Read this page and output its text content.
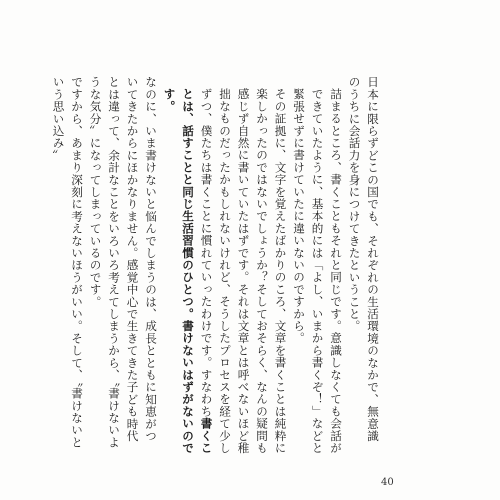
日本に限らずどこの国でも、それぞれの生活環境のなかで、無意識のうちに会話力を身につけてきたということ。

詰まるところ、書くこともそれと同じです。意識しなくても会話ができていたように、基本的には「よし、いまから書くぞ！」などと緊張せずに書けていたに違いないのですから。

その証拠に、文字を覚えたばかりのころ、文章を書くことは純粋に楽しかったのではないでしょうか？そしておそらく、なんの疑問も感じず自然に書いていたはずです。それは文章とは呼べないほど稚拙なものだったかもしれないけれど、そうしたプロセスを経て少しずつ、僕たちは書くことに慣れていったわけです。すなわち書くことは、話すことと同じ生活習慣のひとつ。書けないはずがないのです。

なのに、いま書けないと悩んでしまうのは、成長とともに知恵がついてきたからにほかなりません。感覚中心で生きてきた子ども時代とは違って、余計なことをいろいろ考えてしまうから、〝書けないような気分〟になってしまっているのです。

ですから、あまり深刻に考えないほうがいい。そして、〝書けないという思い込み〟

40
